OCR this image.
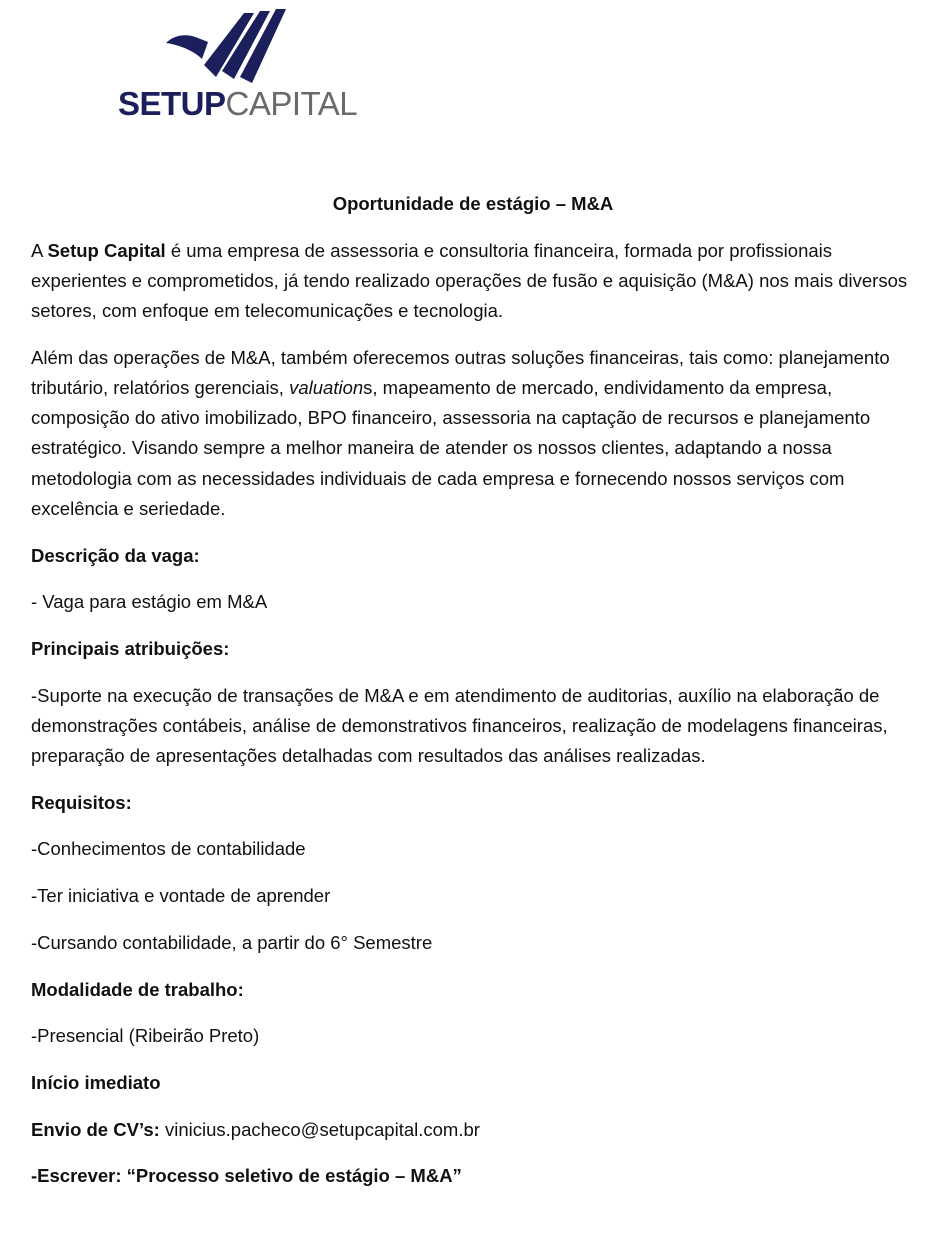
SETUPCAPITAL

Oportunidade de estágio – M&A

A Setup Capital é uma empresa de assessoria e consultoria financeira, formada por profissionais experientes e comprometidos, já tendo realizado operações de fusão e aquisição (M&A) nos mais diversos setores, com enfoque em telecomunicações e tecnologia.

Além das operações de M&A, também oferecemos outras soluções financeiras, tais como: planejamento tributário, relatórios gerenciais, valuations, mapeamento de mercado, endividamento da empresa, composição do ativo imobilizado, BPO financeiro, assessoria na captação de recursos e planejamento estratégico. Visando sempre a melhor maneira de atender os nossos clientes, adaptando a nossa metodologia com as necessidades individuais de cada empresa e fornecendo nossos serviços com excelência e seriedade.

Descrição da vaga:

- Vaga para estágio em M&A

Principais atribuições:

-Suporte na execução de transações de M&A e em atendimento de auditorias, auxílio na elaboração de demonstrações contábeis, análise de demonstrativos financeiros, realização de modelagens financeiras, preparação de apresentações detalhadas com resultados das análises realizadas.

Requisitos:

-Conhecimentos de contabilidade

-Ter iniciativa e vontade de aprender

-Cursando contabilidade, a partir do 6° Semestre

Modalidade de trabalho:

-Presencial (Ribeirão Preto)

Início imediato

Envio de CV’s: vinicius.pacheco@setupcapital.com.br

-Escrever: “Processo seletivo de estágio – M&A”
